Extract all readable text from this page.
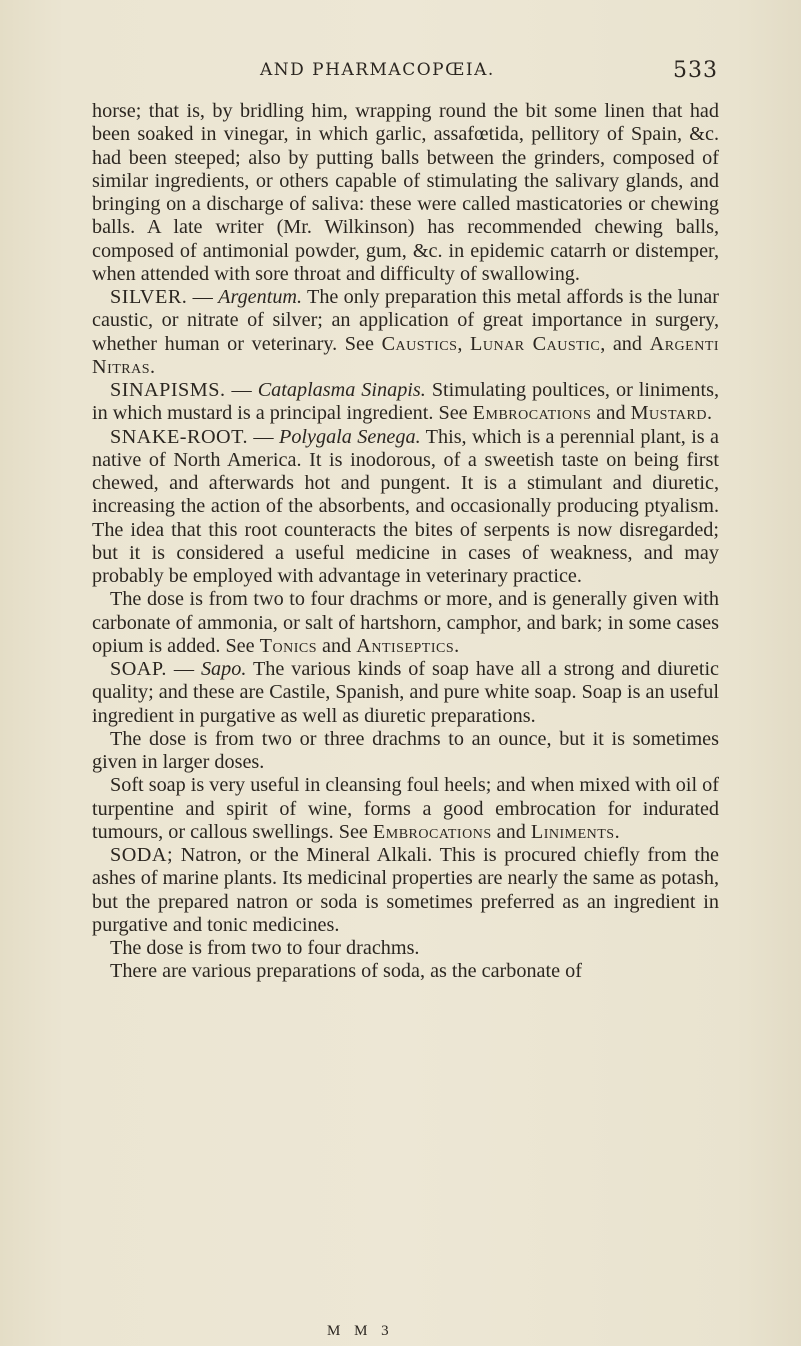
AND PHARMACOPŒIA.	533

horse; that is, by bridling him, wrapping round the bit some linen that had been soaked in vinegar, in which garlic, assafœtida, pellitory of Spain, &c. had been steeped; also by putting balls between the grinders, composed of similar ingredients, or others capable of stimulating the salivary glands, and bringing on a discharge of saliva: these were called masticatories or chewing balls. A late writer (Mr. Wilkinson) has recommended chewing balls, composed of antimonial powder, gum, &c. in epidemic catarrh or distemper, when attended with sore throat and difficulty of swallowing.

SILVER. — Argentum. The only preparation this metal affords is the lunar caustic, or nitrate of silver; an application of great importance in surgery, whether human or veterinary. See Caustics, Lunar Caustic, and Argenti Nitras.

SINAPISMS. — Cataplasma Sinapis. Stimulating poultices, or liniments, in which mustard is a principal ingredient. See Embrocations and Mustard.

SNAKE-ROOT. — Polygala Senega. This, which is a perennial plant, is a native of North America. It is inodorous, of a sweetish taste on being first chewed, and afterwards hot and pungent. It is a stimulant and diuretic, increasing the action of the absorbents, and occasionally producing ptyalism. The idea that this root counteracts the bites of serpents is now disregarded; but it is considered a useful medicine in cases of weakness, and may probably be employed with advantage in veterinary practice.

The dose is from two to four drachms or more, and is generally given with carbonate of ammonia, or salt of hartshorn, camphor, and bark; in some cases opium is added. See Tonics and Antiseptics.

SOAP. — Sapo. The various kinds of soap have all a strong and diuretic quality; and these are Castile, Spanish, and pure white soap. Soap is an useful ingredient in purgative as well as diuretic preparations.

The dose is from two or three drachms to an ounce, but it is sometimes given in larger doses.

Soft soap is very useful in cleansing foul heels; and when mixed with oil of turpentine and spirit of wine, forms a good embrocation for indurated tumours, or callous swellings. See Embrocations and Liniments.

SODA; Natron, or the Mineral Alkali. This is procured chiefly from the ashes of marine plants. Its medicinal properties are nearly the same as potash, but the prepared natron or soda is sometimes preferred as an ingredient in purgative and tonic medicines.

The dose is from two to four drachms.

There are various preparations of soda, as the carbonate of

M M 3
